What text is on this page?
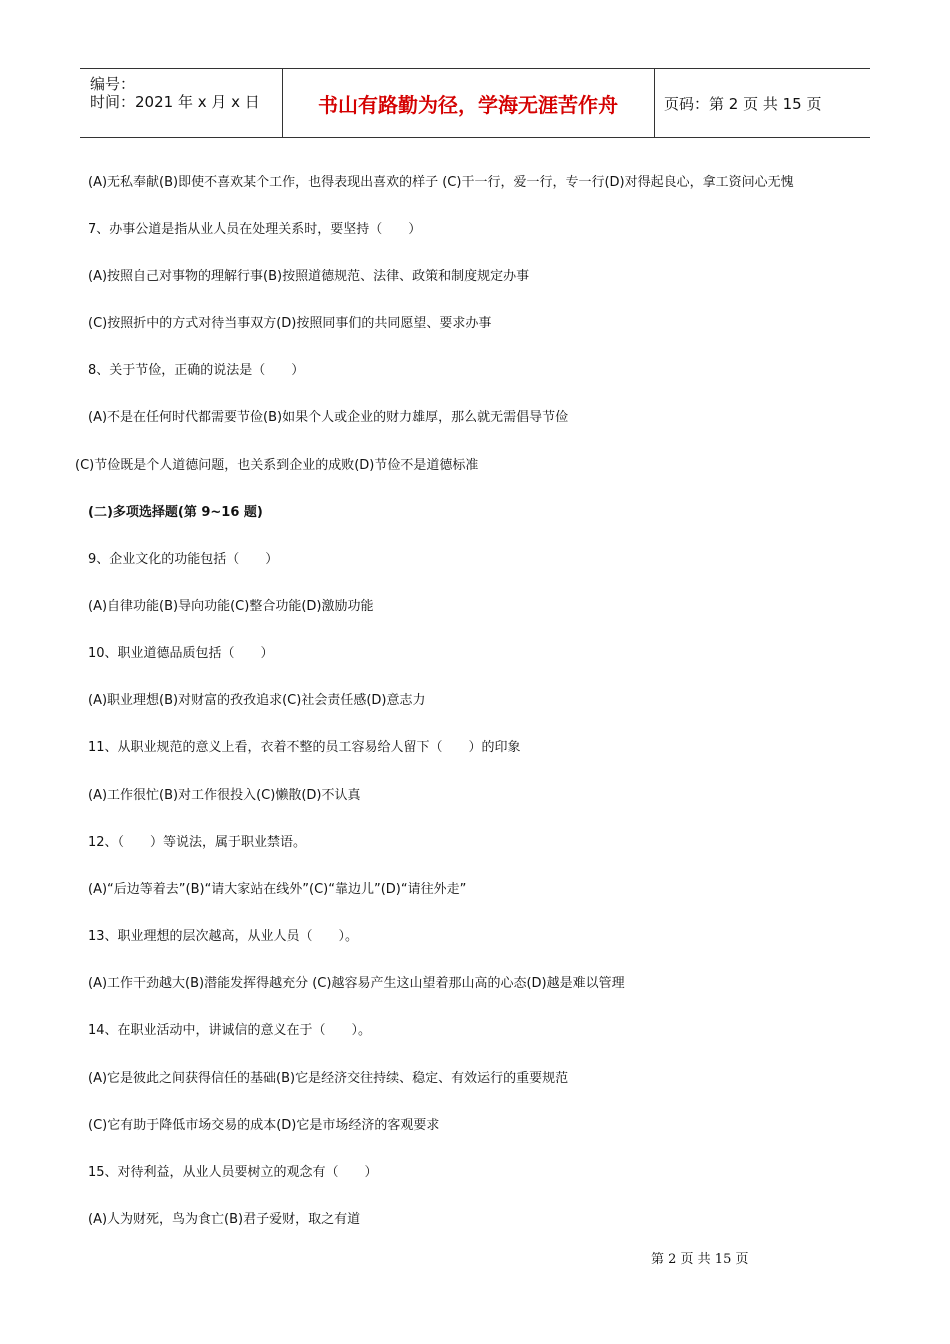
编号：
时间：2021 年 x 月 x 日	书山有路勤为径，学海无涯苦作舟	页码：第 2 页 共 15 页
(A)无私奉献(B)即使不喜欢某个工作，也得表现出喜欢的样子 (C)干一行，爱一行，专一行(D)对得起良心，拿工资问心无愧
7、办事公道是指从业人员在处理关系时，要坚持（　　）
(A)按照自己对事物的理解行事(B)按照道德规范、法律、政策和制度规定办事
(C)按照折中的方式对待当事双方(D)按照同事们的共同愿望、要求办事
8、关于节俭，正确的说法是（　　）
(A)不是在任何时代都需要节俭(B)如果个人或企业的财力雄厚，那么就无需倡导节俭
(C)节俭既是个人道德问题，也关系到企业的成败(D)节俭不是道德标准
(二)多项选择题(第 9~16 题)
9、企业文化的功能包括（　　）
(A)自律功能(B)导向功能(C)整合功能(D)激励功能
10、职业道德品质包括（　　）
(A)职业理想(B)对财富的孜孜追求(C)社会责任感(D)意志力
11、从职业规范的意义上看，衣着不整的员工容易给人留下（　　）的印象
(A)工作很忙(B)对工作很投入(C)懒散(D)不认真
12、（　　）等说法，属于职业禁语。
(A)“后边等着去”(B)“请大家站在线外”(C)“靠边儿”(D)“请往外走”
13、职业理想的层次越高，从业人员（　　）。
(A)工作干劲越大(B)潜能发挥得越充分 (C)越容易产生这山望着那山高的心态(D)越是难以管理
14、在职业活动中，讲诚信的意义在于（　　）。
(A)它是彼此之间获得信任的基础(B)它是经济交往持续、稳定、有效运行的重要规范
(C)它有助于降低市场交易的成本(D)它是市场经济的客观要求
15、对待利益，从业人员要树立的观念有（　　）
(A)人为财死，鸟为食亡(B)君子爱财，取之有道
第 2 页 共 15 页
